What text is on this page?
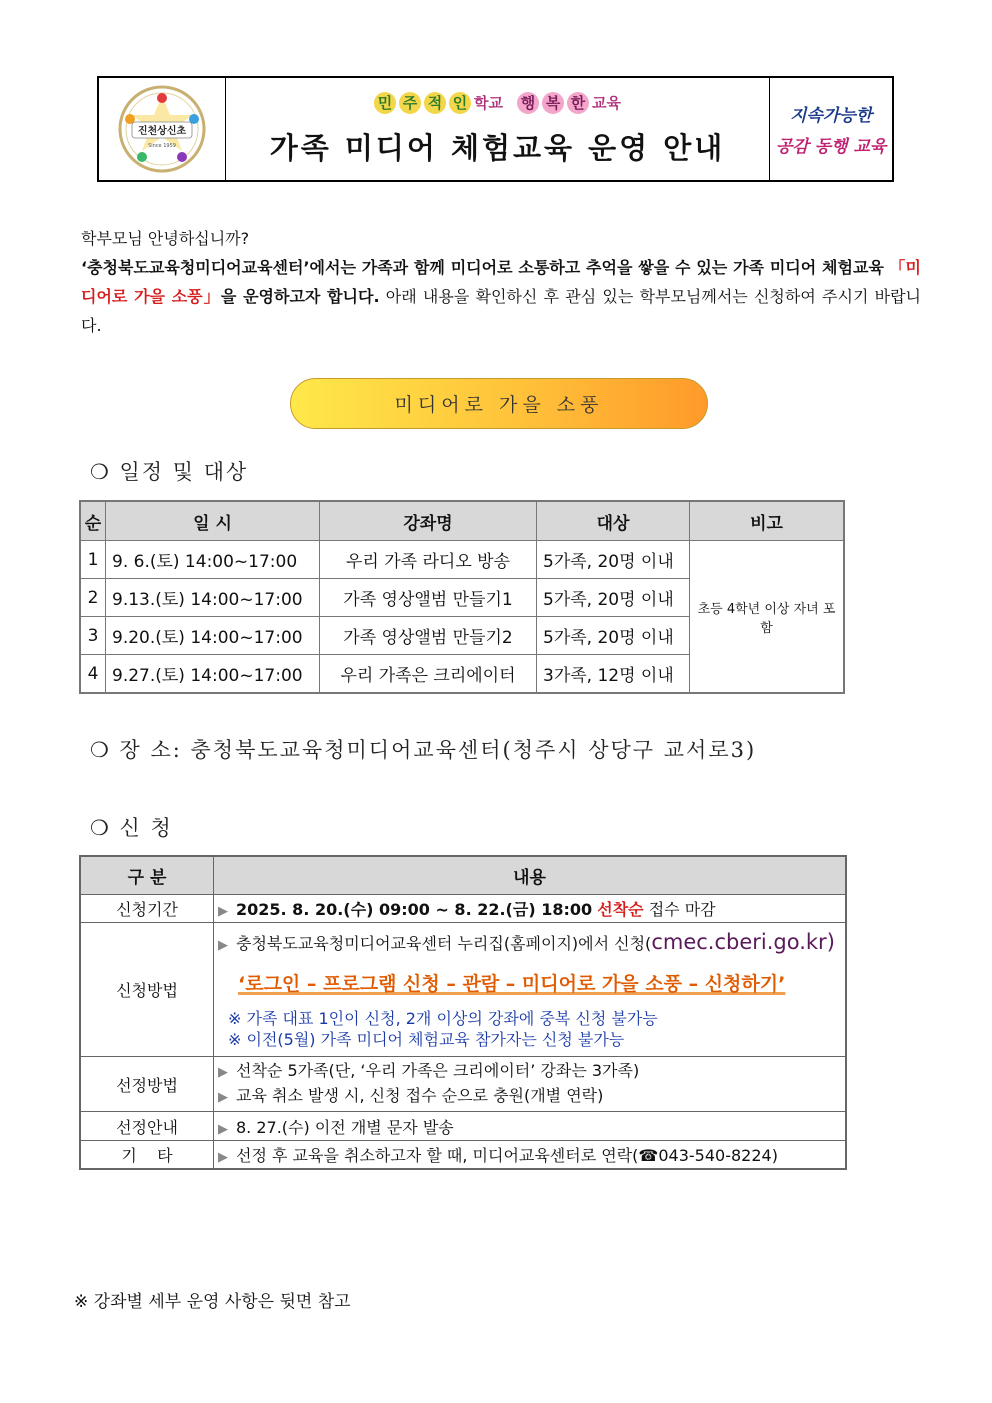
진천상신초
Since 1959
민 주 적 인 학교 행 복 한 교육
가족 미디어 체험교육 운영 안내
지속가능한
공감 동행 교육
학부모님 안녕하십니까?
‘충청북도교육청미디어교육센터’에서는 가족과 함께 미디어로 소통하고 추억을 쌓을 수 있는 가족 미디어 체험교육 「미디어로 가을 소풍」을 운영하고자 합니다. 아래 내용을 확인하신 후 관심 있는 학부모님께서는 신청하여 주시기 바랍니다.
미디어로 가을 소풍
❍ 일정 및 대상
순	일 시	강좌명	대상	비고
1	9. 6.(토) 14:00~17:00	우리 가족 라디오 방송	5가족, 20명 이내	초등 4학년 이상 자녀 포함
2	9.13.(토) 14:00~17:00	가족 영상앨범 만들기1	5가족, 20명 이내	
3	9.20.(토) 14:00~17:00	가족 영상앨범 만들기2	5가족, 20명 이내	
4	9.27.(토) 14:00~17:00	우리 가족은 크리에이터	3가족, 12명 이내	
❍ 장 소: 충청북도교육청미디어교육센터(청주시 상당구 교서로3)
❍ 신 청
구 분	내용
신청기간	▶ 2025. 8. 20.(수) 09:00 ~ 8. 22.(금) 18:00 선착순 접수 마감
신청방법	▶ 충청북도교육청미디어교육센터 누리집(홈페이지)에서 신청(cmec.cberi.go.kr)
‘로그인 – 프로그램 신청 – 관람 – 미디어로 가을 소풍 – 신청하기’
※ 가족 대표 1인이 신청, 2개 이상의 강좌에 중복 신청 불가능
※ 이전(5월) 가족 미디어 체험교육 참가자는 신청 불가능

선정방법	▶ 선착순 5가족(단, ‘우리 가족은 크리에이터’ 강좌는 3가족)
▶ 교육 취소 발생 시, 신청 접수 순으로 충원(개별 연락)

선정안내	▶ 8. 27.(수) 이전 개별 문자 발송
기    타	▶ 선정 후 교육을 취소하고자 할 때, 미디어교육센터로 연락(☎043-540-8224)
※ 강좌별 세부 운영 사항은 뒷면 참고
